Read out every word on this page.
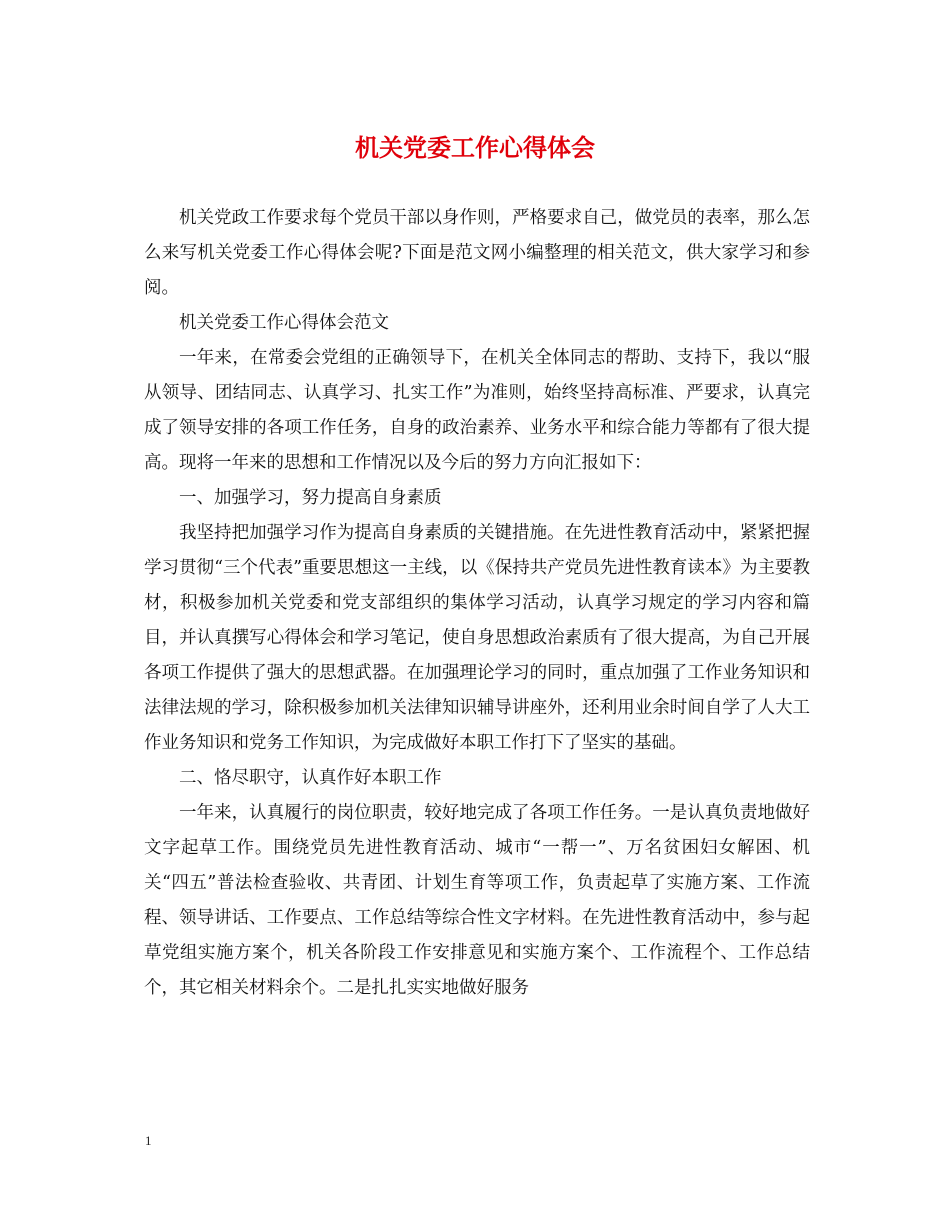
机关党委工作心得体会

机关党政工作要求每个党员干部以身作则，严格要求自己，做党员的表率，那么怎么来写机关党委工作心得体会呢?下面是范文网小编整理的相关范文，供大家学习和参阅。

机关党委工作心得体会范文

一年来，在常委会党组的正确领导下，在机关全体同志的帮助、支持下，我以“服从领导、团结同志、认真学习、扎实工作”为准则，始终坚持高标准、严要求，认真完成了领导安排的各项工作任务，自身的政治素养、业务水平和综合能力等都有了很大提高。现将一年来的思想和工作情况以及今后的努力方向汇报如下：

一、加强学习，努力提高自身素质

我坚持把加强学习作为提高自身素质的关键措施。在先进性教育活动中，紧紧把握学习贯彻“三个代表”重要思想这一主线，以《保持共产党员先进性教育读本》为主要教材，积极参加机关党委和党支部组织的集体学习活动，认真学习规定的学习内容和篇目，并认真撰写心得体会和学习笔记，使自身思想政治素质有了很大提高，为自己开展各项工作提供了强大的思想武器。在加强理论学习的同时，重点加强了工作业务知识和法律法规的学习，除积极参加机关法律知识辅导讲座外，还利用业余时间自学了人大工作业务知识和党务工作知识，为完成做好本职工作打下了坚实的基础。

二、恪尽职守，认真作好本职工作

一年来，认真履行的岗位职责，较好地完成了各项工作任务。一是认真负责地做好文字起草工作。围绕党员先进性教育活动、城市“一帮一”、万名贫困妇女解困、机关“四五”普法检查验收、共青团、计划生育等项工作，负责起草了实施方案、工作流程、领导讲话、工作要点、工作总结等综合性文字材料。在先进性教育活动中，参与起草党组实施方案个，机关各阶段工作安排意见和实施方案个、工作流程个、工作总结个，其它相关材料余个。二是扎扎实实地做好服务

1
